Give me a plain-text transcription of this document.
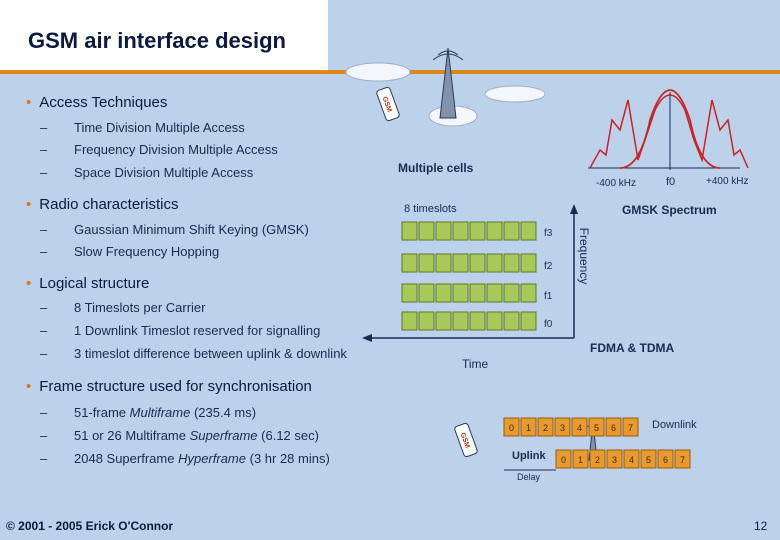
GSM air interface design
• Access Techniques
– Time Division Multiple Access
– Frequency Division Multiple Access
– Space Division Multiple Access
• Radio characteristics
– Gaussian Minimum Shift Keying (GMSK)
– Slow Frequency Hopping
• Logical structure
– 8 Timeslots per Carrier
– 1 Downlink Timeslot reserved for signalling
– 3 timeslot difference between uplink & downlink
• Frame structure used for synchronisation
– 51-frame Multiframe (235.4 ms)
– 51 or 26 Multiframe Superframe (6.12 sec)
– 2048 Superframe Hyperframe (3 hr 28 mins)
© 2001 - 2005 Erick O'Connor	12
GSM
Multiple cells
-400 kHz	f0	+400 kHz
GMSK Spectrum
8 timeslots
f3
f2
f1
f0
Frequency
Time
FDMA & TDMA
GSM
0 1 2 3 4 5 6 7
0 1 2 3 4 5 6 7
Downlink
Uplink
Delay
